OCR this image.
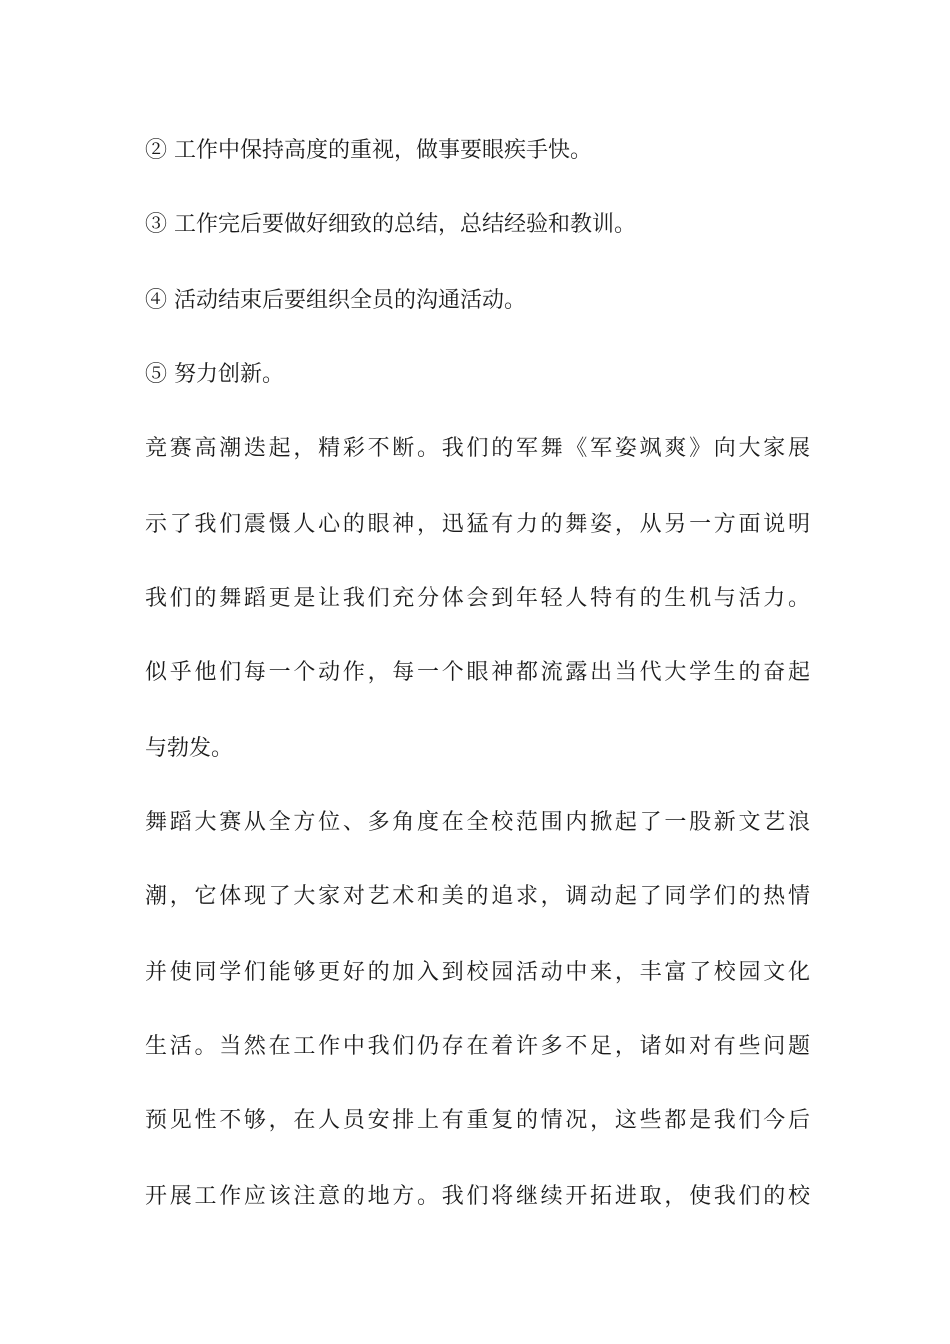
② 工作中保持高度的重视，做事要眼疾手快。
③ 工作完后要做好细致的总结，总结经验和教训。
④ 活动结束后要组织全员的沟通活动。
⑤ 努力创新。
竞赛高潮迭起，精彩不断。我们的军舞《军姿飒爽》向大家展
示了我们震慑人心的眼神，迅猛有力的舞姿，从另一方面说明
我们的舞蹈更是让我们充分体会到年轻人特有的生机与活力。
似乎他们每一个动作，每一个眼神都流露出当代大学生的奋起
与勃发。
舞蹈大赛从全方位、多角度在全校范围内掀起了一股新文艺浪
潮，它体现了大家对艺术和美的追求，调动起了同学们的热情
并使同学们能够更好的加入到校园活动中来，丰富了校园文化
生活。当然在工作中我们仍存在着许多不足，诸如对有些问题
预见性不够，在人员安排上有重复的情况，这些都是我们今后
开展工作应该注意的地方。我们将继续开拓进取，使我们的校
